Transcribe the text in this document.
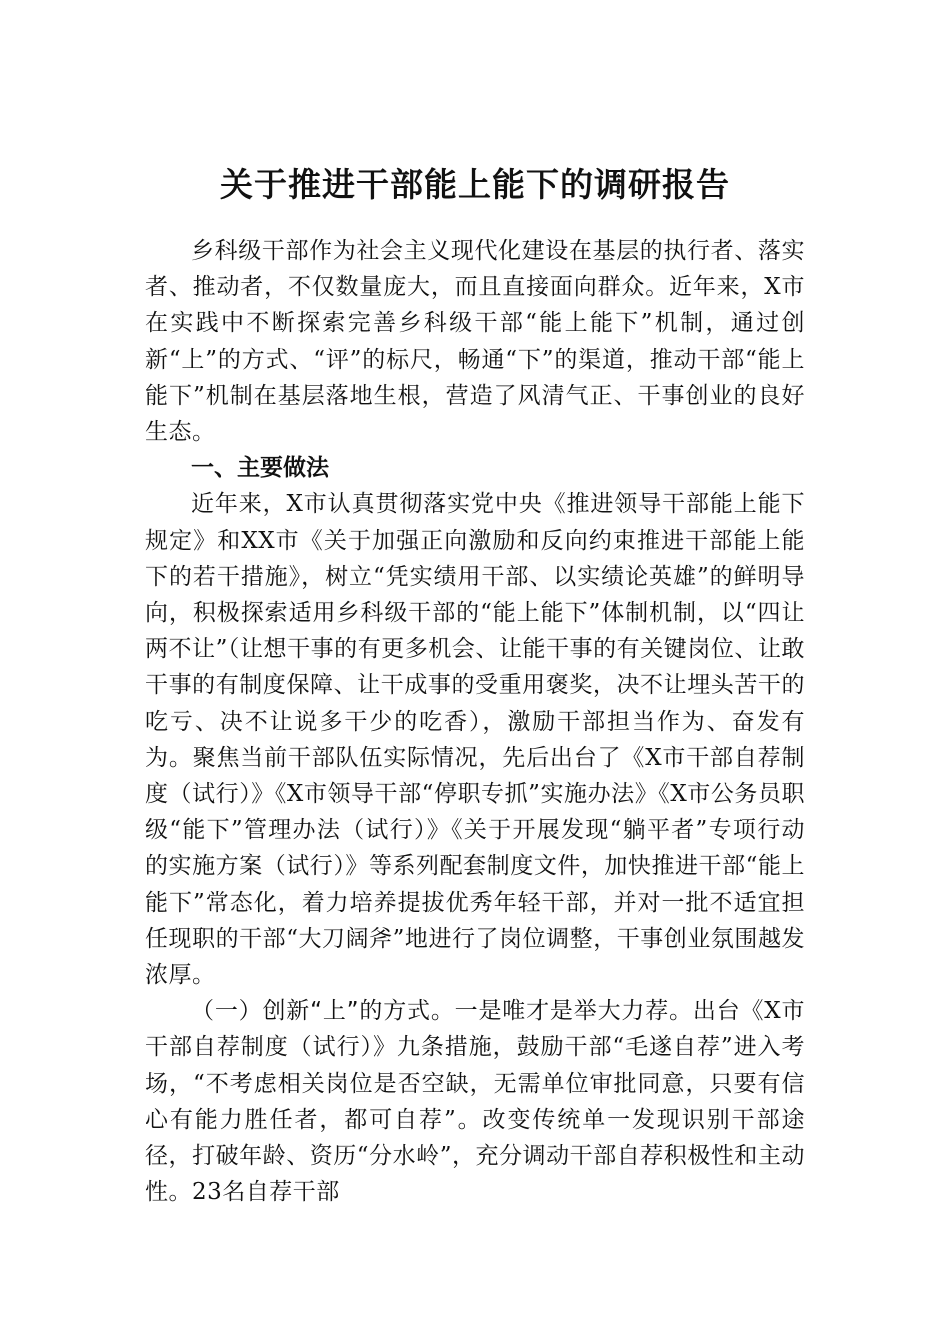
关于推进干部能上能下的调研报告

乡科级干部作为社会主义现代化建设在基层的执行者、落实者、推动者，不仅数量庞大，而且直接面向群众。近年来，X市在实践中不断探索完善乡科级干部“能上能下”机制，通过创新“上”的方式、“评”的标尺，畅通“下”的渠道，推动干部“能上能下”机制在基层落地生根，营造了风清气正、干事创业的良好生态。

一、主要做法

近年来，X市认真贯彻落实党中央《推进领导干部能上能下规定》和XX市《关于加强正向激励和反向约束推进干部能上能下的若干措施》，树立“凭实绩用干部、以实绩论英雄”的鲜明导向，积极探索适用乡科级干部的“能上能下”体制机制，以“四让两不让”（让想干事的有更多机会、让能干事的有关键岗位、让敢干事的有制度保障、让干成事的受重用褒奖，决不让埋头苦干的吃亏、决不让说多干少的吃香），激励干部担当作为、奋发有为。聚焦当前干部队伍实际情况，先后出台了《X市干部自荐制度（试行）》《X市领导干部“停职专抓”实施办法》《X市公务员职级“能下”管理办法（试行）》《关于开展发现“躺平者”专项行动的实施方案（试行）》等系列配套制度文件，加快推进干部“能上能下”常态化，着力培养提拔优秀年轻干部，并对一批不适宜担任现职的干部“大刀阔斧”地进行了岗位调整，干事创业氛围越发浓厚。

（一）创新“上”的方式。一是唯才是举大力荐。出台《X市干部自荐制度（试行）》九条措施，鼓励干部“毛遂自荐”进入考场，“不考虑相关岗位是否空缺，无需单位审批同意，只要有信心有能力胜任者，都可自荐”。改变传统单一发现识别干部途径，打破年龄、资历“分水岭”，充分调动干部自荐积极性和主动性。23名自荐干部
